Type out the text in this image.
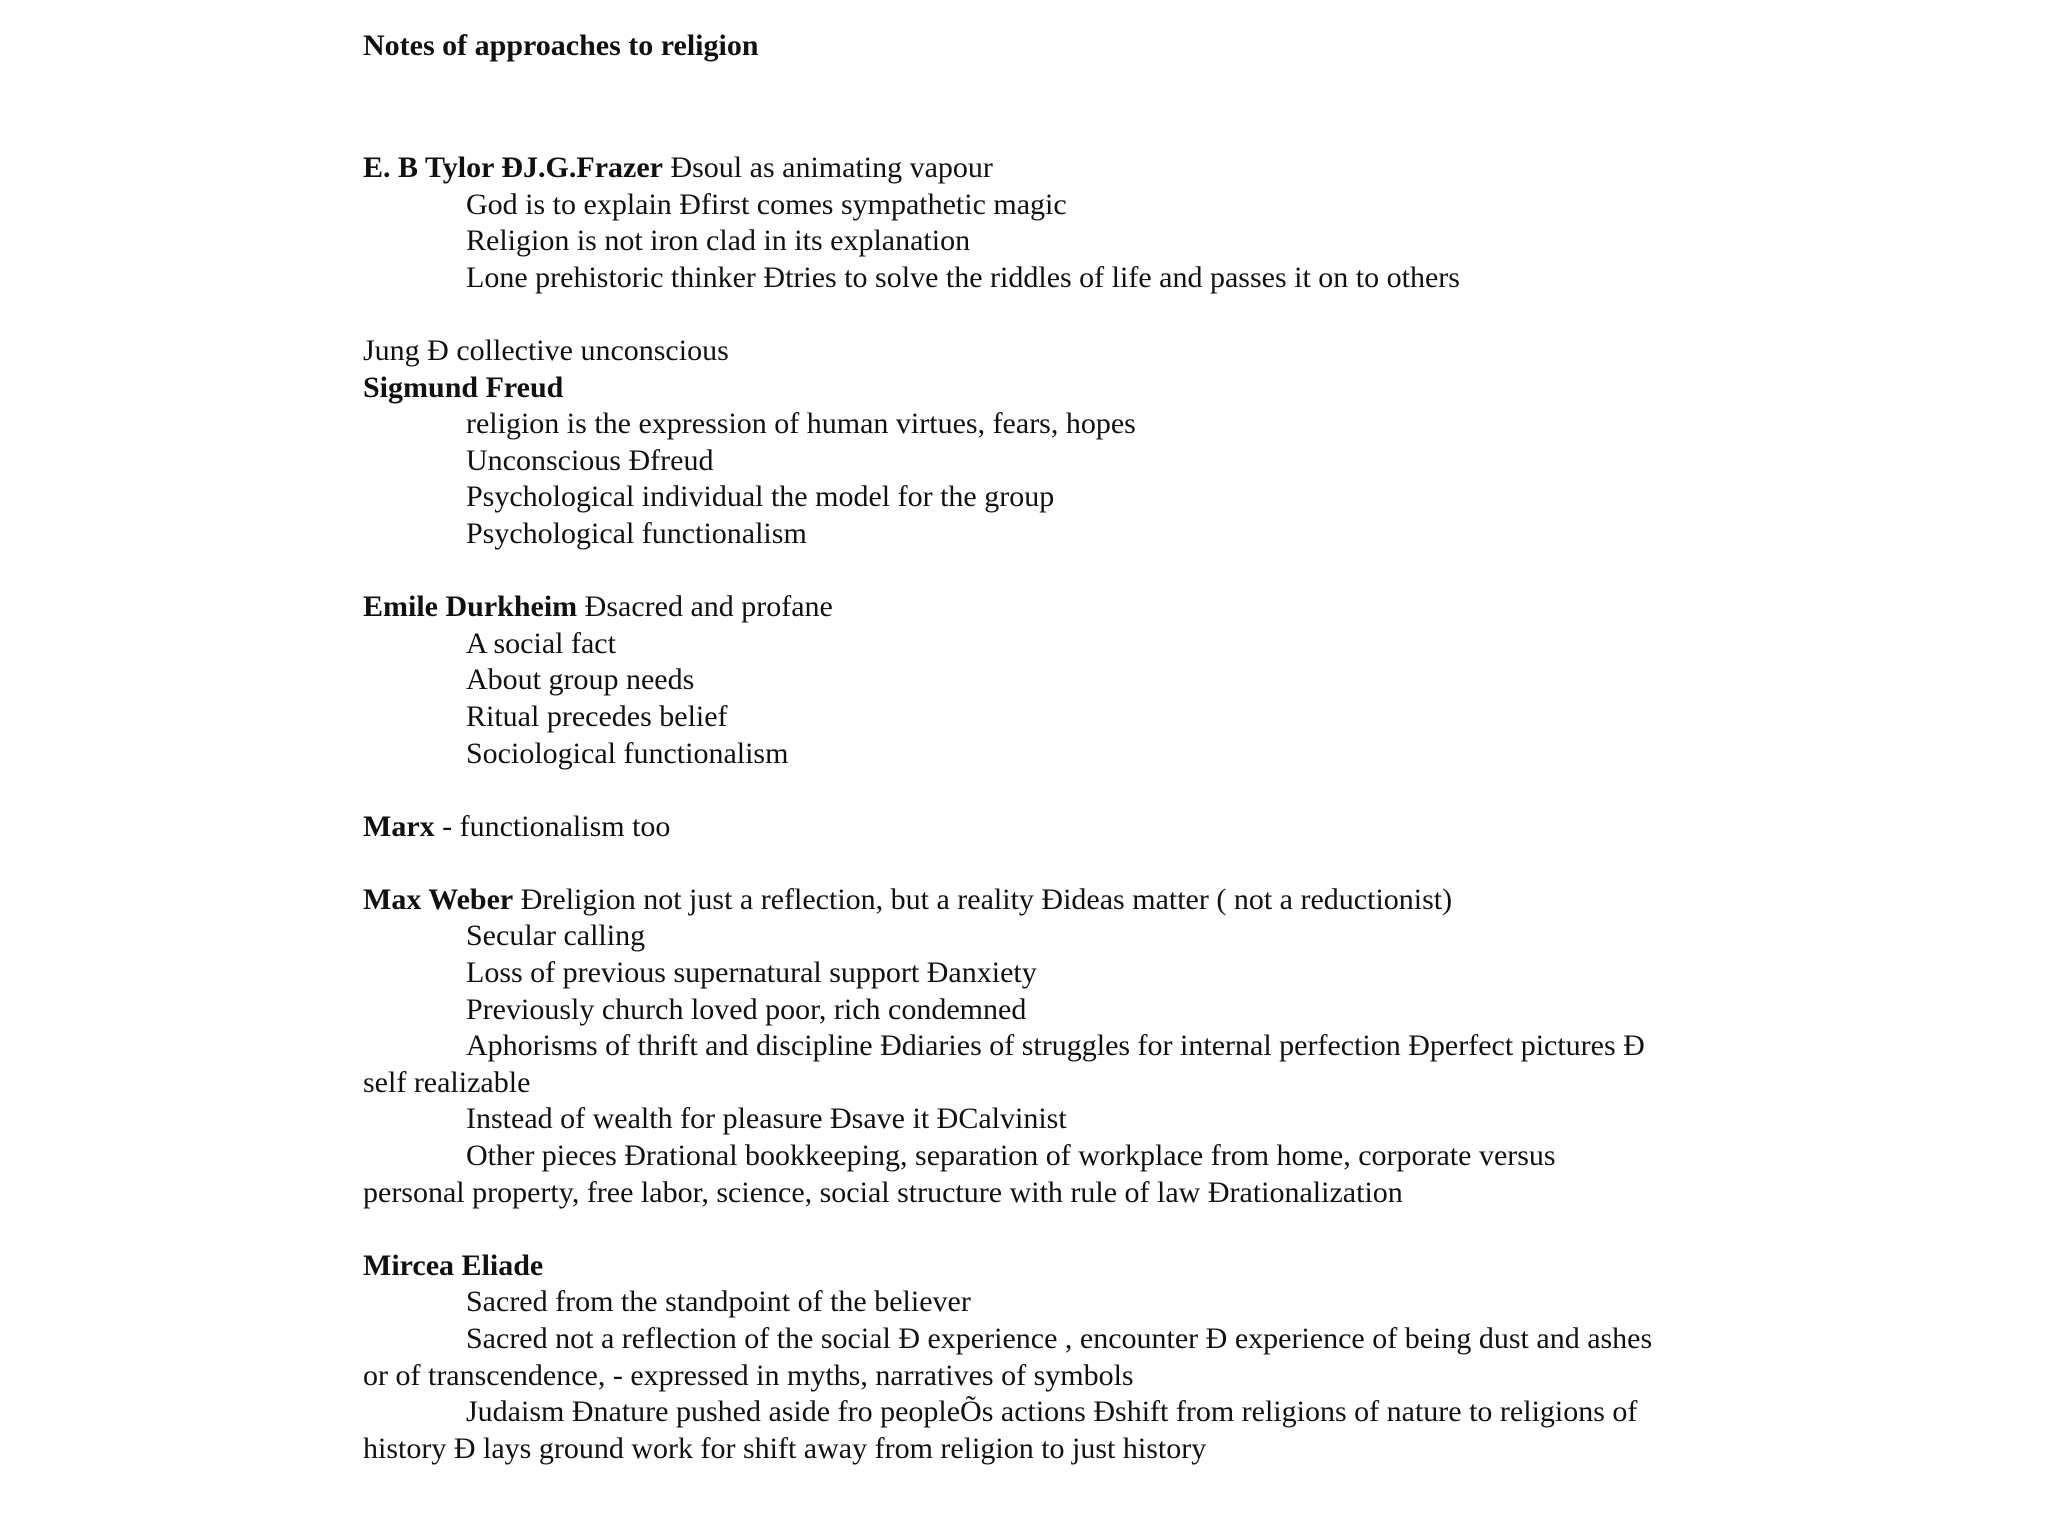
Notes of approaches to religion
E. B Tylor ÐJ.G.Frazer Ðsoul as animating vapour
God is to explain Ðfirst comes sympathetic magic
Religion is not iron clad in its explanation
Lone prehistoric thinker Ðtries to solve the riddles of life and passes it on to others
Jung Ð collective unconscious
Sigmund Freud
religion is the expression of human virtues, fears, hopes
Unconscious Ðfreud
Psychological individual the model for the group
Psychological functionalism
Emile Durkheim Ðsacred and profane
A social fact
About group needs
Ritual precedes belief
Sociological functionalism
Marx - functionalism too
Max Weber Ðreligion not just a reflection, but a reality Ðideas matter ( not a reductionist)
Secular calling
Loss of previous supernatural support Ðanxiety
Previously church loved poor, rich condemned
Aphorisms of thrift and discipline Ðdiaries of struggles for internal perfection Ðperfect pictures Ð
self realizable
Instead of wealth for pleasure Ðsave it ÐCalvinist
Other pieces Ðrational bookkeeping, separation of workplace from home, corporate versus
personal property, free labor, science, social structure with rule of law Ðrationalization
Mircea Eliade
Sacred from the standpoint of the believer
Sacred not a reflection of the social Ð experience , encounter Ð experience of being dust and ashes
or of transcendence, - expressed in myths, narratives of symbols
Judaism Ðnature pushed aside fro peopleÕs actions Ðshift from religions of nature to religions of
history Ð lays ground work for shift away from religion to just history
